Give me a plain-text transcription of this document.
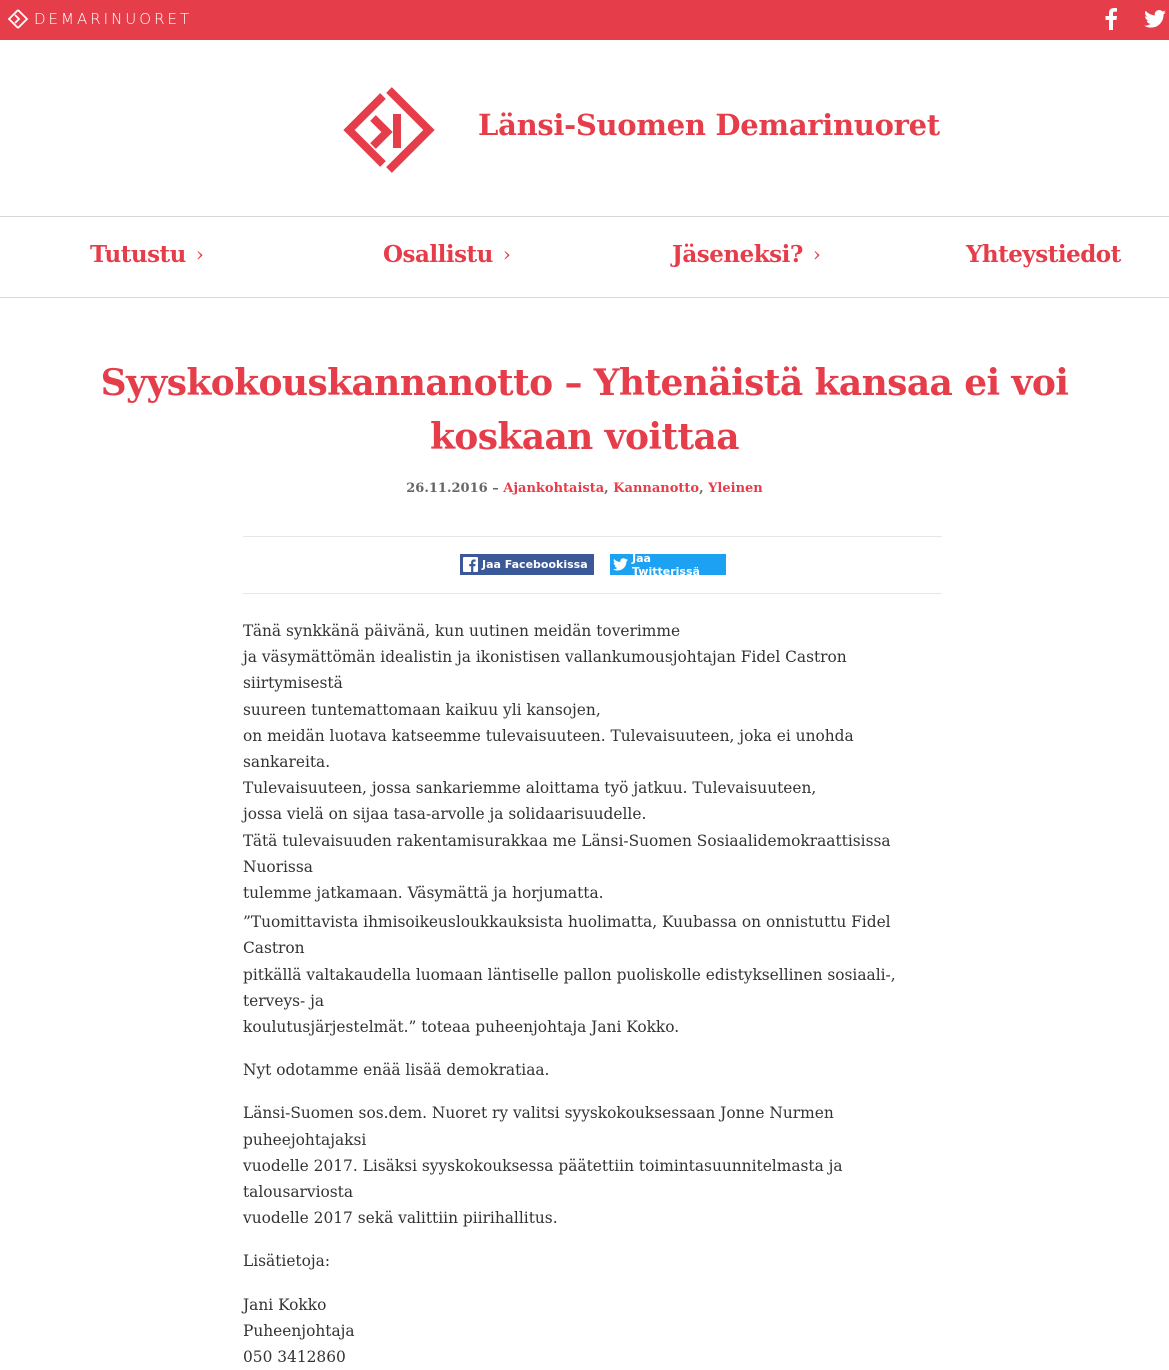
DEMARINUORET
Länsi-Suomen Demarinuoret
Tutustu ›	Osallistu ›	Jäseneksi? ›	Yhteystiedot
Syyskokouskannanotto – Yhtenäistä kansaa ei voi koskaan voittaa
26.11.2016 – Ajankohtaista, Kannanotto, Yleinen
Jaa Facebookissa	Jaa Twitterissä

Tänä synkkänä päivänä, kun uutinen meidän toverimme

ja väsymättömän idealistin ja ikonistisen vallankumousjohtajan Fidel Castron siirtymisestä

suureen tuntemattomaan kaikuu yli kansojen,

on meidän luotava katseemme tulevaisuuteen. Tulevaisuuteen, joka ei unohda sankareita.

Tulevaisuuteen, jossa sankariemme aloittama työ jatkuu. Tulevaisuuteen,

jossa vielä on sijaa tasa-arvolle ja solidaarisuudelle.

Tätä tulevaisuuden rakentamisurakkaa me Länsi-Suomen Sosiaalidemokraattisissa Nuorissa

tulemme jatkamaan. Väsymättä ja horjumatta.

”Tuomittavista ihmisoikeusloukkauksista huolimatta, Kuubassa on onnistuttu Fidel Castron

pitkällä valtakaudella luomaan läntiselle pallon puoliskolle edistyksellinen sosiaali-, terveys- ja

koulutusjärjestelmät.” toteaa puheenjohtaja Jani Kokko.

Nyt odotamme enää lisää demokratiaa.

Länsi-Suomen sos.dem. Nuoret ry valitsi syyskokouksessaan Jonne Nurmen puheejohtajaksi

vuodelle 2017. Lisäksi syyskokouksessa päätettiin toimintasuunnitelmasta ja talousarviosta

vuodelle 2017 sekä valittiin piirihallitus.

Lisätietoja:

Jani Kokko

Puheenjohtaja

050 3412860
